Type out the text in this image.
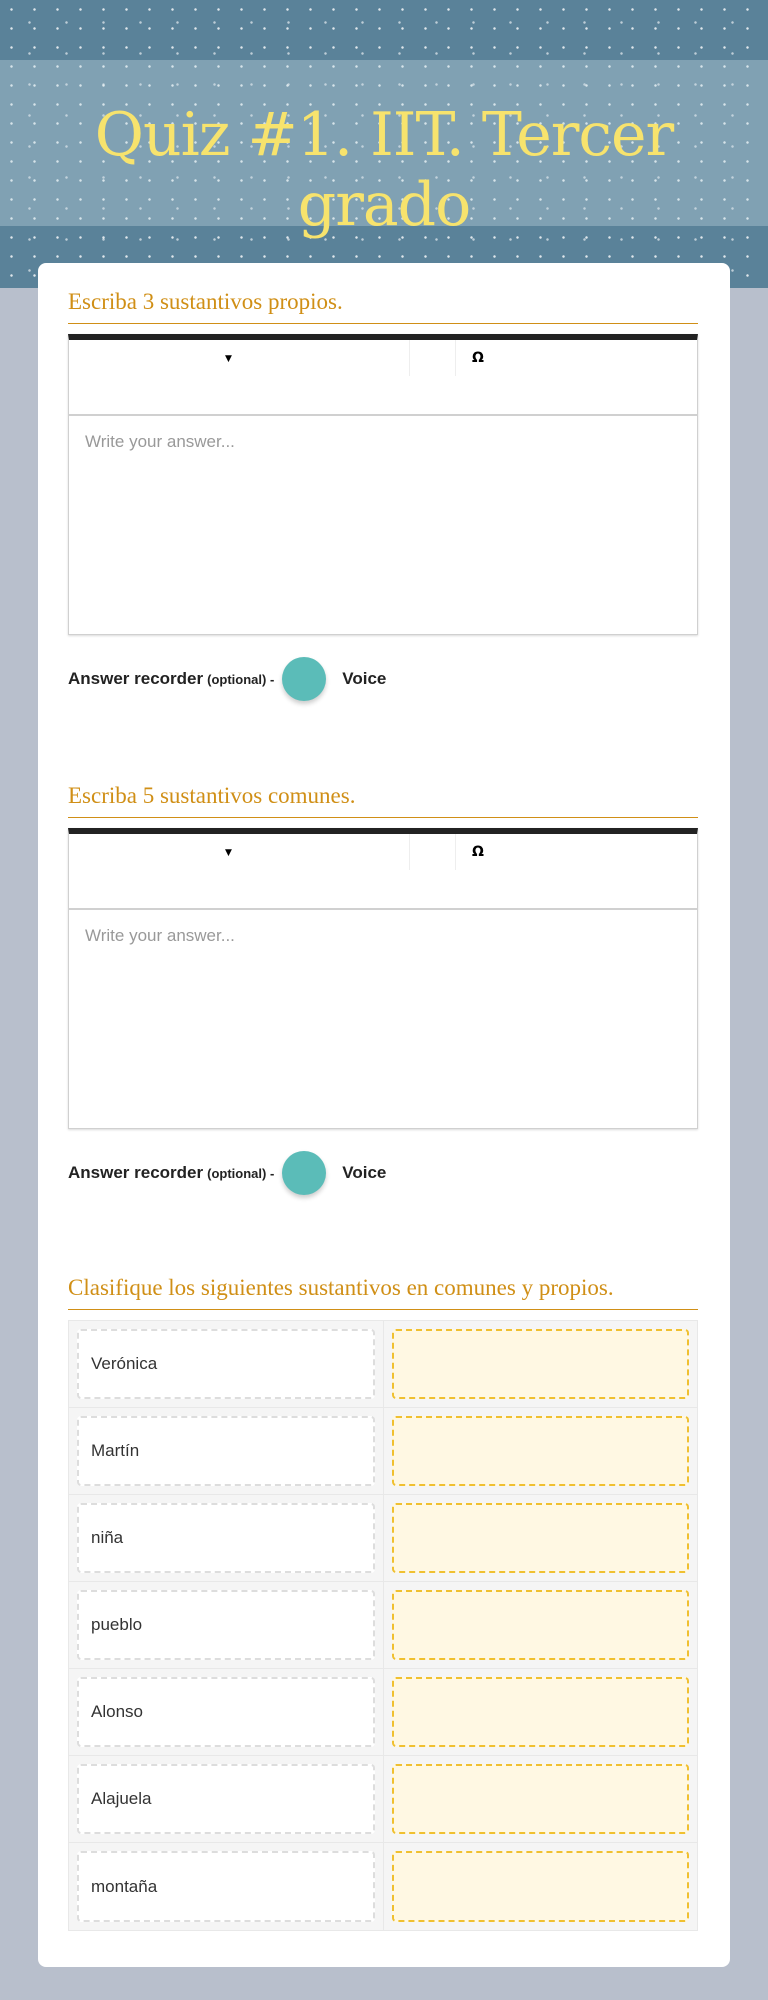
Quiz #1. IIT. Tercer grado
Escriba 3 sustantivos propios.
▼	Ω
Write your answer...
Answer recorder (optional) -	Voice
Escriba 5 sustantivos comunes.
▼	Ω
Write your answer...
Answer recorder (optional) -	Voice
Clasifique los siguientes sustantivos en comunes y propios.
Verónica
Martín
niña
pueblo
Alonso
Alajuela
montaña
